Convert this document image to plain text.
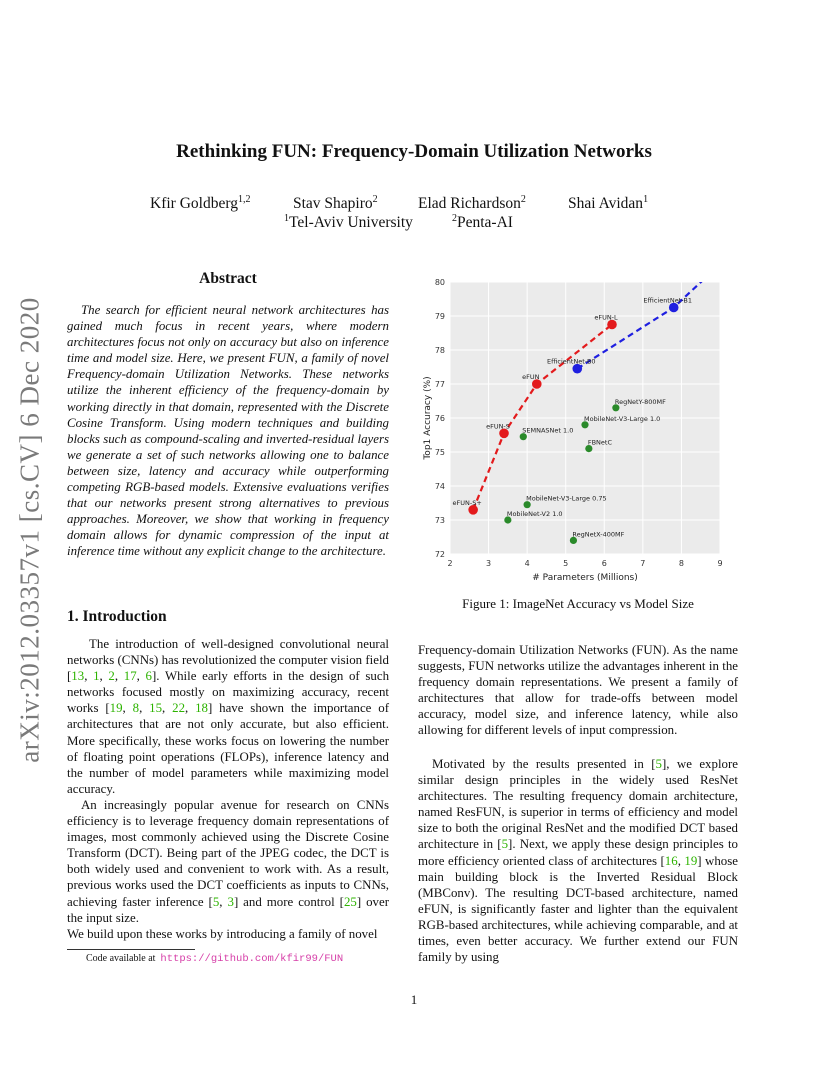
Rethinking FUN: Frequency-Domain Utilization Networks
Kfir Goldberg$^{1,2}$	Stav Shapiro$^2$	Elad Richardson$^2$	Shai Avidan$^1$
$^1$Tel-Aviv University	$^2$Penta-AI
arXiv:2012.03357v1 [cs.CV] 6 Dec 2020
Abstract
The search for efficient neural network architectures has gained much focus in recent years, where modern architectures focus not only on accuracy but also on inference time and model size. Here, we present FUN, a family of novel Frequency-domain Utilization Networks. These networks utilize the inherent efficiency of the frequency-domain by working directly in that domain, represented with the Discrete Cosine Transform. Using modern techniques and building blocks such as compound-scaling and inverted-residual layers we generate a set of such networks allowing one to balance between size, latency and accuracy while outperforming competing RGB-based models. Extensive evaluations verifies that our networks present strong alternatives to previous approaches. Moreover, we show that working in frequency domain allows for dynamic compression of the input at inference time without any explicit change to the architecture.
1. Introduction

The introduction of well-designed convolutional neural networks (CNNs) has revolutionized the computer vision field [13, 1, 2, 17, 6]. While early efforts in the design of such networks focused mostly on maximizing accuracy, recent works [19, 8, 15, 22, 18] have shown the importance of architectures that are not only accurate, but also efficient. More specifically, these works focus on lowering the number of floating point operations (FLOPs), inference latency and the number of model parameters while maximizing model accuracy.

An increasingly popular avenue for research on CNNs efficiency is to leverage frequency domain representations of images, most commonly achieved using the Discrete Cosine Transform (DCT). Being part of the JPEG codec, the DCT is both widely used and convenient to work with. As a result, previous works used the DCT coefficients as inputs to CNNs, achieving faster inference [5, 3] and more control [25] over the input size.

We build upon these works by introducing a family of novel

Code available at https://github.com/kfir99/FUN
2	3	4	5	6	7	8	9
72
73
74
75
76
77
78
79
80
# Parameters (Millions)
Top1 Accuracy (%)
eFUN-S+
eFUN-S
eFUN
eFUN-L
EfficientNet-B0
EfficientNet-B1
RegNetY-800MF
MobileNet-V3-Large 1.0
SEMNASNet 1.0
FBNetC
MobileNet-V3-Large 0.75
MobileNet-V2 1.0
RegNetX-400MF
Figure 1: ImageNet Accuracy vs Model Size

Frequency-domain Utilization Networks (FUN). As the name suggests, FUN networks utilize the advantages inherent in the frequency domain representations. We present a family of architectures that allow for trade-offs between model accuracy, model size, and inference latency, while also allowing for different levels of input compression.

Motivated by the results presented in [5], we explore similar design principles in the widely used ResNet architectures. The resulting frequency domain architecture, named ResFUN, is superior in terms of efficiency and model size to both the original ResNet and the modified DCT based architecture in [5]. Next, we apply these design principles to more efficiency oriented class of architectures [16, 19] whose main building block is the Inverted Residual Block (MBConv). The resulting DCT-based architecture, named eFUN, is significantly faster and lighter than the equivalent RGB-based architectures, while achieving comparable, and at times, even better accuracy. We further extend our FUN family by using

1
